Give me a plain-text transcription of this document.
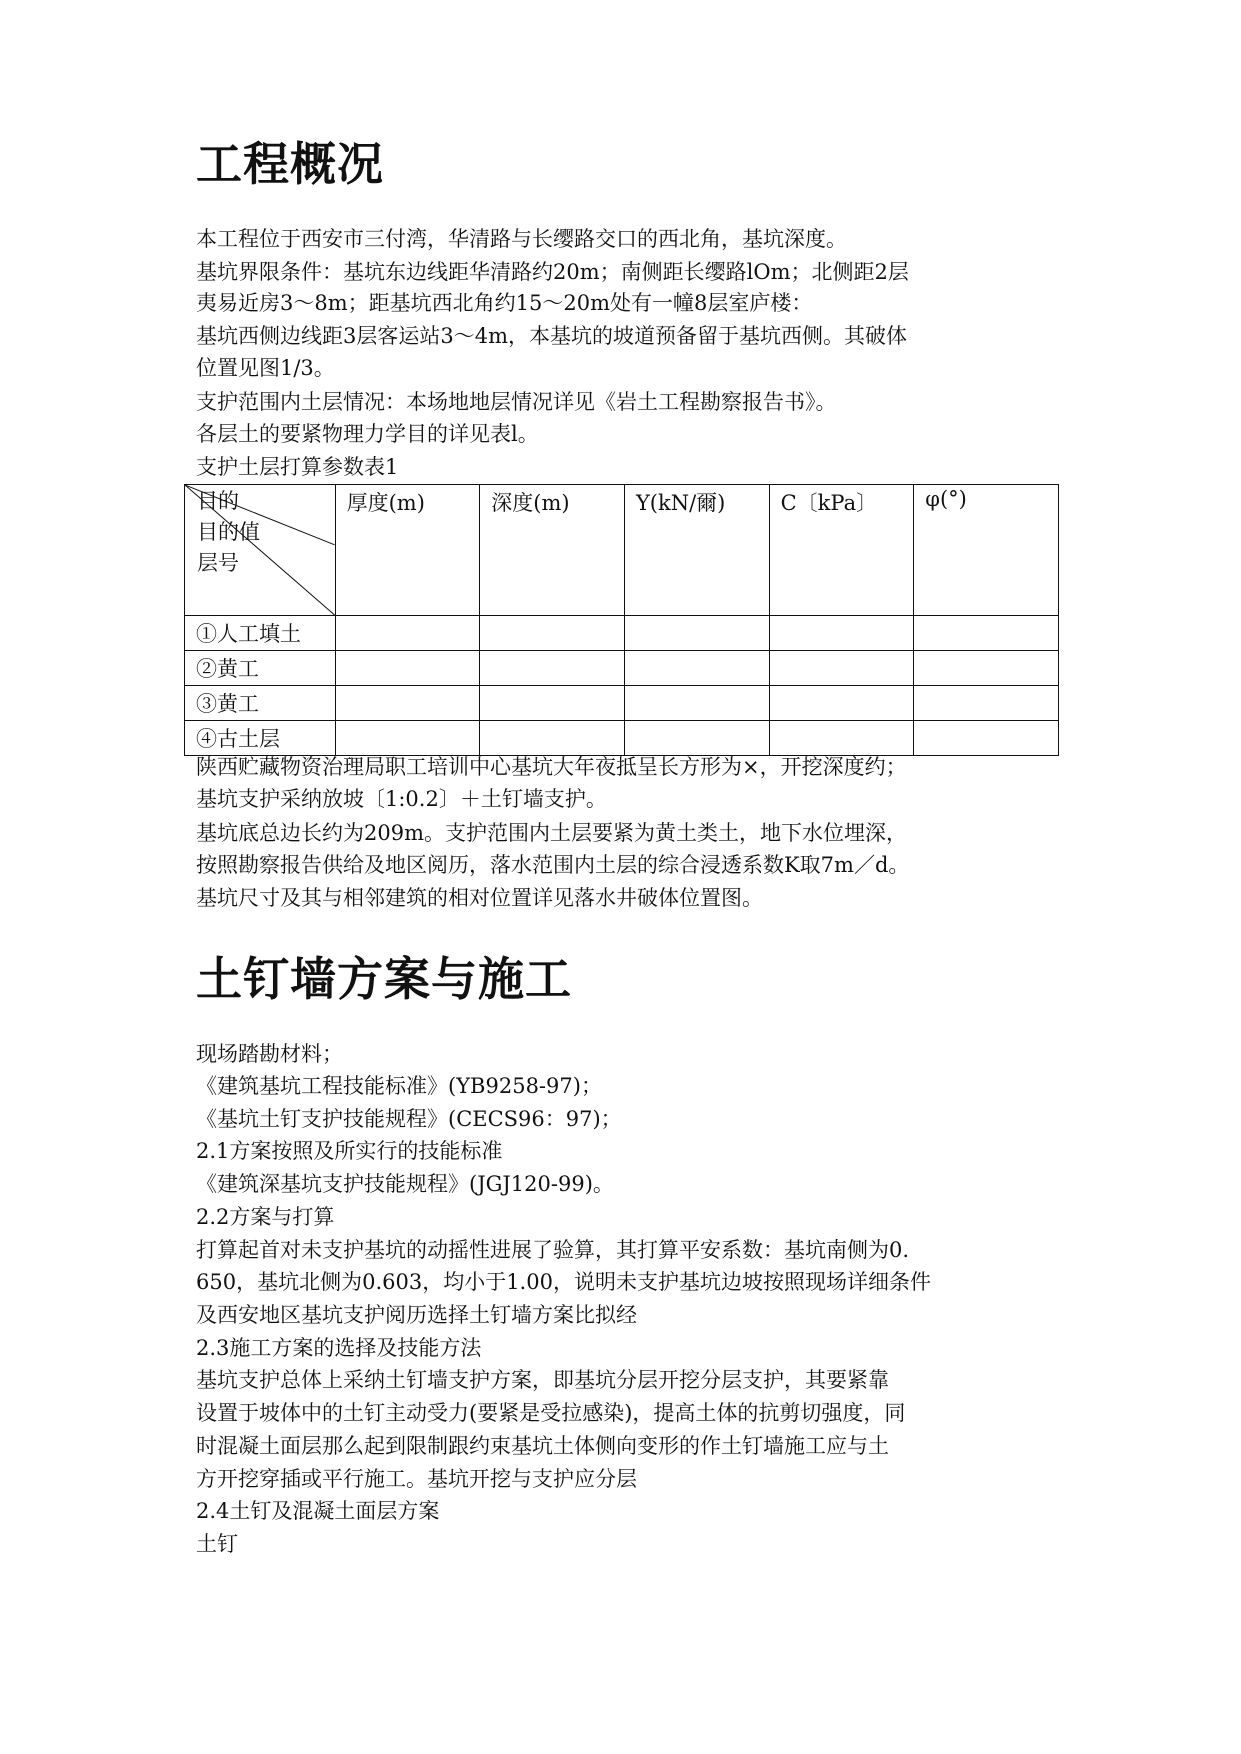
工程概况
本工程位于西安市三付湾，华清路与长缨路交口的西北角，基坑深度。
基坑界限条件：基坑东边线距华清路约20m；南侧距长缨路lOm；北侧距2层
夷易近房3～8m；距基坑西北角约15～20m处有一幢8层室庐楼：
基坑西侧边线距3层客运站3～4m，本基坑的坡道预备留于基坑西侧。其破体
位置见图1/3。
支护范围内土层情况：本场地地层情况详见《岩土工程勘察报告书》。
各层土的要紧物理力学目的详见表l。
支护土层打算参数表1
目的
目的值
层号	厚度(m)	深度(m)	Y(kN/爾)	C〔kPa〕	φ(°)
①人工填土					
②黄工					
③黄工					
④古土层					
陕西贮藏物资治理局职工培训中心基坑大年夜抵呈长方形为×，开挖深度约；
基坑支护采纳放坡〔1:0.2〕＋土钉墙支护。
基坑底总边长约为209m。支护范围内土层要紧为黄土类土，地下水位埋深，
按照勘察报告供给及地区阅历，落水范围内土层的综合浸透系数K取7m／d。
基坑尺寸及其与相邻建筑的相对位置详见落水井破体位置图。
土钉墙方案与施工
现场踏勘材料；
《建筑基坑工程技能标准》(YB9258-97)；
《基坑土钉支护技能规程》(CECS96：97)；
2.1方案按照及所实行的技能标准
《建筑深基坑支护技能规程》(JGJ120-99)。
2.2方案与打算
打算起首对未支护基坑的动摇性进展了验算，其打算平安系数：基坑南侧为0.
650，基坑北侧为0.603，均小于1.00，说明未支护基坑边坡按照现场详细条件
及西安地区基坑支护阅历选择土钉墙方案比拟经
2.3施工方案的选择及技能方法
基坑支护总体上采纳土钉墙支护方案，即基坑分层开挖分层支护，其要紧靠
设置于坡体中的土钉主动受力(要紧是受拉感染)，提高土体的抗剪切强度，同
时混凝土面层那么起到限制跟约束基坑土体侧向变形的作土钉墙施工应与土
方开挖穿插或平行施工。基坑开挖与支护应分层
2.4土钉及混凝土面层方案
土钉
